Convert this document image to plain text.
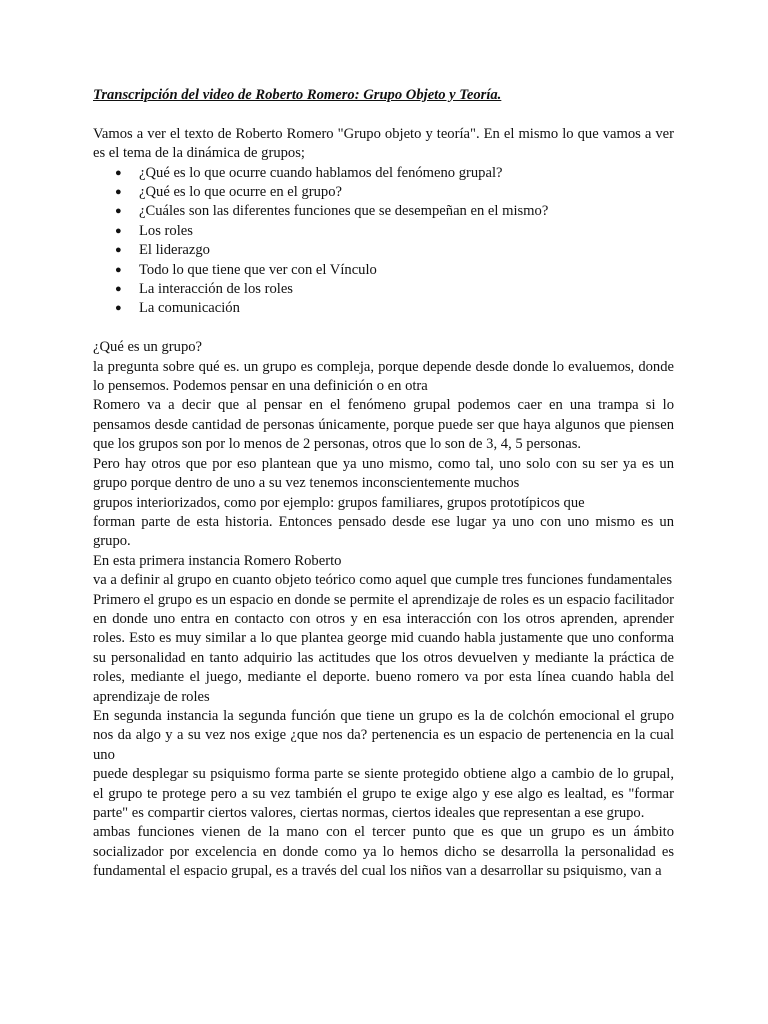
Transcripción del video de Roberto Romero: Grupo Objeto y Teoría.

Vamos a ver el texto de Roberto Romero "Grupo objeto y teoría". En el mismo lo que vamos a ver es el tema de la dinámica de grupos;

● ¿Qué es lo que ocurre cuando hablamos del fenómeno grupal?
● ¿Qué es lo que ocurre en el grupo?
● ¿Cuáles son las diferentes funciones que se desempeñan en el mismo?
● Los roles
● El liderazgo
● Todo lo que tiene que ver con el Vínculo
● La interacción de los roles
● La comunicación

¿Qué es un grupo?

la pregunta sobre qué es. un grupo es compleja, porque depende desde donde lo evaluemos, donde lo pensemos. Podemos pensar en una definición o en otra

Romero va a decir que al pensar en el fenómeno grupal podemos caer en una trampa si lo pensamos desde cantidad de personas únicamente, porque puede ser que haya algunos que piensen que los grupos son por lo menos de 2 personas, otros que lo son de 3, 4, 5 personas.

Pero hay otros que por eso plantean que ya uno mismo, como tal, uno solo con su ser ya es un grupo porque dentro de uno a su vez tenemos inconscientemente muchos

grupos interiorizados, como por ejemplo: grupos familiares, grupos prototípicos que

forman parte de esta historia. Entonces pensado desde ese lugar ya uno con uno mismo es un grupo.

En esta primera instancia Romero Roberto

va a definir al grupo en cuanto objeto teórico como aquel que cumple tres funciones fundamentales

Primero el grupo es un espacio en donde se permite el aprendizaje de roles es un espacio facilitador en donde uno entra en contacto con otros y en esa interacción con los otros aprenden, aprender roles. Esto es muy similar a lo que plantea george mid cuando habla justamente que uno conforma su personalidad en tanto adquirio las actitudes que los otros devuelven y mediante la práctica de roles, mediante el juego, mediante el deporte. bueno romero va por esta línea cuando habla del aprendizaje de roles

En segunda instancia la segunda función que tiene un grupo es la de colchón emocional el grupo nos da algo y a su vez nos exige ¿que nos da? pertenencia es un espacio de pertenencia en la cual uno

puede desplegar su psiquismo forma parte se siente protegido obtiene algo a cambio de lo grupal, el grupo te protege pero a su vez también el grupo te exige algo y ese algo es lealtad, es "formar parte" es compartir ciertos valores, ciertas normas, ciertos ideales que representan a ese grupo.

ambas funciones vienen de la mano con el tercer punto que es que un grupo es un ámbito socializador por excelencia en donde como ya lo hemos dicho se desarrolla la personalidad es fundamental el espacio grupal, es a través del cual los niños van a desarrollar su psiquismo, van a
